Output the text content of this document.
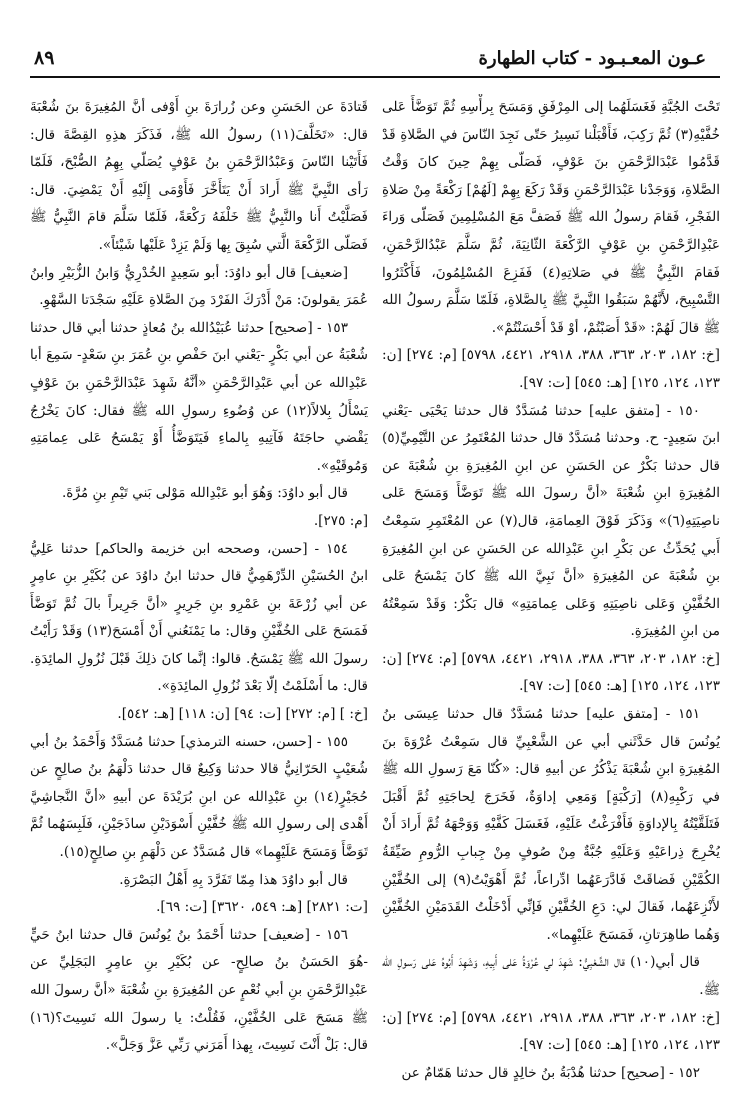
٨٩	عـون المعـبـود - كتاب الطهارة

تَحْتَ الجُبَّةِ فَغَسَلَهُما إلى المِرْفَقِ وَمَسَحَ بِرأْسِهِ ثُمَّ تَوَضَّأَ عَلى خُفَّيْهِ(٣) ثُمَّ رَكِبَ، فَأَقْبَلْنا نَسِيرُ حَتّى نَجِدَ النّاسَ في الصَّلاةِ قَدْ قَدَّمُوا عَبْدَالرَّحْمَنِ بنَ عَوْفٍ، فَصَلّى بِهِمْ حِينَ كانَ وَقْتُ الصَّلاةِ، وَوَجَدْنا عَبْدَالرَّحْمَنِ وَقَدْ رَكَعَ بِهِمْ [لَهُمْ] رَكْعَةً مِنْ صَلاةِ الفَجْرِ، فَقامَ رسولُ الله ﷺ فَصَفَّ مَعَ المُسْلِمِينَ فَصَلّى وَراءَ عَبْدِالرَّحْمَنِ بنِ عَوْفٍ الرَّكْعَةَ الثّانِيَةَ، ثُمَّ سَلَّمَ عَبْدُالرَّحْمَنِ، فَقامَ النَّبِيُّ ﷺ في صَلاتِهِ(٤) فَفَزِعَ المُسْلِمُونَ، فَأَكْثَرُوا التَّسْبِيحَ، لأَنَّهُمْ سَبَقُوا النَّبِيَّ ﷺ بِالصَّلاةِ، فَلَمّا سَلَّمَ رسولُ الله ﷺ قالَ لَهُمْ: «قَدْ أَصَبْتُمْ، أوْ قَدْ أَحْسَنْتُمْ».

[خ: ١٨٢، ٢٠٣، ٣٦٣، ٣٨٨، ٢٩١٨، ٤٤٢١، ٥٧٩٨] [م: ٢٧٤] [ن: ١٢٣، ١٢٤، ١٢٥] [هـ: ٥٤٥] [ت: ٩٧].

١٥٠ - [متفق عليه] حدثنا مُسَدَّدٌ قال حدثنا يَحْيَى -يَعْني ابنَ سَعِيدٍ- ح. وحدثنا مُسَدَّدٌ قال حدثنا المُعْتَمِرُ عن التَّيْمِيِّ(٥) قال حدثنا بَكْرٌ عن الحَسَنِ عن ابنِ المُغِيرَةِ بنِ شُعْبَةَ عن المُغِيرَةِ ابنِ شُعْبَةَ «أنَّ رسولَ الله ﷺ تَوَضَّأَ وَمَسَحَ عَلى ناصِيَتِهِ(٦)» وَذَكَرَ فَوْقَ العِمامَةِ، قال(٧) عن المُعْتَمِرِ سَمِعْتُ أَبي يُحَدِّثُ عن بَكْرِ ابنِ عَبْدِالله عن الحَسَنِ عن ابنِ المُغِيرَةِ بنِ شُعْبَةَ عن المُغِيرَةِ «أنَّ نَبِيَّ الله ﷺ كانَ يَمْسَحُ عَلى الخُفَّيْنِ وَعَلى ناصِيَتِهِ وَعَلى عِمامَتِهِ» قال بَكْرٌ: وَقَدْ سَمِعْتُهُ من ابنِ المُغِيرَةِ.

[خ: ١٨٢، ٢٠٣، ٣٦٣، ٣٨٨، ٢٩١٨، ٤٤٢١، ٥٧٩٨] [م: ٢٧٤] [ن: ١٢٣، ١٢٤، ١٢٥] [هـ: ٥٤٥] [ت: ٩٧].

١٥١ - [متفق عليه] حدثنا مُسَدَّدٌ قال حدثنا عِيسَى بنُ يُونُسَ قال حَدَّثَني أبي عن الشَّعْبِيِّ قال سَمِعْتُ عُرْوَةَ بنَ المُغِيرَةِ ابنِ شُعْبَةَ يَذْكُرُ عن أبيهِ قال: «كُنّا مَعَ رَسولِ الله ﷺ في رَكْبِهِ(٨) [رَكْبَةٍ] وَمَعِي إداوَةٌ، فَخَرَجَ لِحاجَتِهِ ثُمَّ أَقْبَلَ فَتَلَقَّيْتُهُ بِالإداوَةِ فَأَفْرَغْتُ عَلَيْهِ، فَغَسَلَ كَفَّيْهِ وَوَجْهَهُ ثُمَّ أَرادَ أَنْ يُخْرِجَ ذِراعَيْهِ وَعَلَيْهِ جُبَّةٌ مِنْ صُوفٍ مِنْ جِبابِ الرُّومِ ضَيِّقَةُ الكُمَّيْنِ فَضاقَتْ فَادَّرَعَهُما ادِّراعاً، ثُمَّ أَهْوَيْتُ(٩) إلى الخُفَّيْنِ لأَنْزِعَهُما، فَقالَ لي: دَعِ الخُفَّيْنِ فَإنِّي أَدْخَلْتُ القَدَمَيْنِ الخُفَّيْنِ وَهُما طاهِرَتانِ، فَمَسَحَ عَلَيْهِما».

قال أبي(١٠) قال الشَّعْبِيُّ: شَهِدَ لي عُرْوَةُ عَلى أَبِيهِ، وَشَهِدَ أَبُوهُ عَلى رَسولِ الله ﷺ.

[خ: ١٨٢، ٢٠٣، ٣٦٣، ٣٨٨، ٢٩١٨، ٤٤٢١، ٥٧٩٨] [م: ٢٧٤] [ن: ١٢٣، ١٢٤، ١٢٥] [هـ: ٥٤٥] [ت: ٩٧].

١٥٢ - [صحيح] حدثنا هُدْبَةُ بنُ خالِدٍ قال حدثنا هَمّامٌ عن

قَتادَةَ عن الحَسَنِ وعن زُرارَةَ بنِ أَوْفى أنَّ المُغِيرَةَ بنَ شُعْبَةَ قال: «تَخَلَّفَ(١١) رسولُ الله ﷺ، فَذَكَرَ هذِهِ القِصَّةَ قال: فَأَتَيْنا النّاسَ وَعَبْدُالرَّحْمَنِ بنُ عَوْفٍ يُصَلّي بِهِمُ الصُّبْحَ، فَلَمّا رَأى النَّبِيَّ ﷺ أَرادَ أَنْ يَتَأَخَّرَ فَأَوْمَى إِلَيْهِ أَنْ يَمْضِيَ. قال: فَصَلَّيْتُ أَنا والنَّبِيُّ ﷺ خَلْفَهُ رَكْعَةً، فَلَمّا سَلَّمَ قامَ النَّبِيُّ ﷺ فَصَلّى الرَّكْعَةَ الَّتي سُبِقَ بِها وَلَمْ يَزِدْ عَلَيْها شَيْئاً».

[ضعيف] قال أبو داوُدَ: أبو سَعِيدٍ الخُدْرِيُّ وَابنُ الزُّبَيْرِ وابنُ عُمَرَ يقولونَ: مَنْ أَدْرَكَ الفَرْدَ مِنَ الصَّلاةِ عَلَيْهِ سَجْدَتا السَّهْوِ.

١٥٣ - [صحيح] حدثنا عُبَيْدُالله بنُ مُعاذٍ حدثنا أبي قال حدثنا شُعْبَةُ عن أبي بَكْرٍ -يَعْني ابنَ حَفْصِ بنِ عُمَرَ بنِ سَعْدٍ- سَمِعَ أبا عَبْدِالله عن أبي عَبْدِالرَّحْمَنِ «أنَّهُ شَهِدَ عَبْدَالرَّحْمَنِ بنَ عَوْفٍ يَسْأَلُ بِلالاً(١٢) عن وُضُوءِ رسولِ الله ﷺ فقال: كانَ يَخْرُجُ يَقْضي حاجَتَهُ فَآتِيهِ بِالماءِ فَيَتَوَضَّأُ أَوْ يَمْسَحُ عَلى عِمامَتِهِ وَمُوقَيْهِ».

قال أبو داوُدَ: وَهُوَ أبو عَبْدِالله مَوْلى بَني تَيْمِ بنِ مُرَّةَ.

[م: ٢٧٥].

١٥٤ - [حسن، وصححه ابن خزيمة والحاكم] حدثنا عَلِيُّ ابنُ الحُسَيْنِ الدِّرْهَمِيُّ قال حدثنا ابنُ داوُدَ عن بُكَيْرِ بنِ عامِرٍ عن أبي زُرْعَةَ بنِ عَمْرِو بنِ جَرِيرٍ «أنَّ جَرِيراً بالَ ثُمَّ تَوَضَّأَ فَمَسَحَ عَلى الخُفَّيْنِ وقال: ما يَمْنَعُني أَنْ أَمْسَحَ(١٣) وَقَدْ رَأَيْتُ رسولَ الله ﷺ يَمْسَحُ. قالوا: إنَّما كانَ ذلِكَ قَبْلَ نُزُولِ المائِدَةِ. قال: ما أَسْلَمْتُ إلّا بَعْدَ نُزُولِ المائِدَةِ».

[خ: ] [م: ٢٧٢] [ت: ٩٤] [ن: ١١٨] [هـ: ٥٤٢].

١٥٥ - [حسن، حسنه الترمذي] حدثنا مُسَدَّدٌ وَأَحْمَدُ بنُ أبي شُعَيْبٍ الحَرّانِيُّ قالا حدثنا وَكِيعٌ قال حدثنا دَلْهَمُ بنُ صالِحٍ عن حُجَيْرٍ(١٤) بنِ عَبْدِالله عن ابنِ بُرَيْدَةَ عن أبيهِ «أنَّ النَّجاشِيَّ أَهْدى إلى رسولِ الله ﷺ خُفَّيْنِ أَسْوَدَيْنِ ساذَجَيْنِ، فَلَبِسَهُما ثُمَّ تَوَضَّأَ وَمَسَحَ عَلَيْهِما» قال مُسَدَّدٌ عن دَلْهَمِ بنِ صالِحٍ(١٥).

قال أبو داوُدَ هذا مِمّا تَفَرَّدَ بِهِ أَهْلُ البَصْرَةِ.

[ت: ٢٨٢١] [هـ: ٥٤٩، ٣٦٢٠] [ت: ٦٩].

١٥٦ - [ضعيف] حدثنا أَحْمَدُ بنُ يُونُسَ قال حدثنا ابنُ حَيٍّ -هُوَ الحَسَنُ بنُ صالِحٍ- عن بُكَيْرِ بنِ عامِرٍ البَجَلِيِّ عن عَبْدِالرَّحْمَنِ بنِ أبي نُعْمٍ عن المُغِيرَةِ بنِ شُعْبَةَ «أنَّ رسولَ الله ﷺ مَسَحَ عَلى الخُفَّيْنِ، فَقُلْتُ: يا رسولَ الله نَسِيتَ؟(١٦) قال: بَلْ أَنْتَ نَسِيتَ، بِهذا أَمَرَني رَبِّي عَزَّ وَجَلَّ».
